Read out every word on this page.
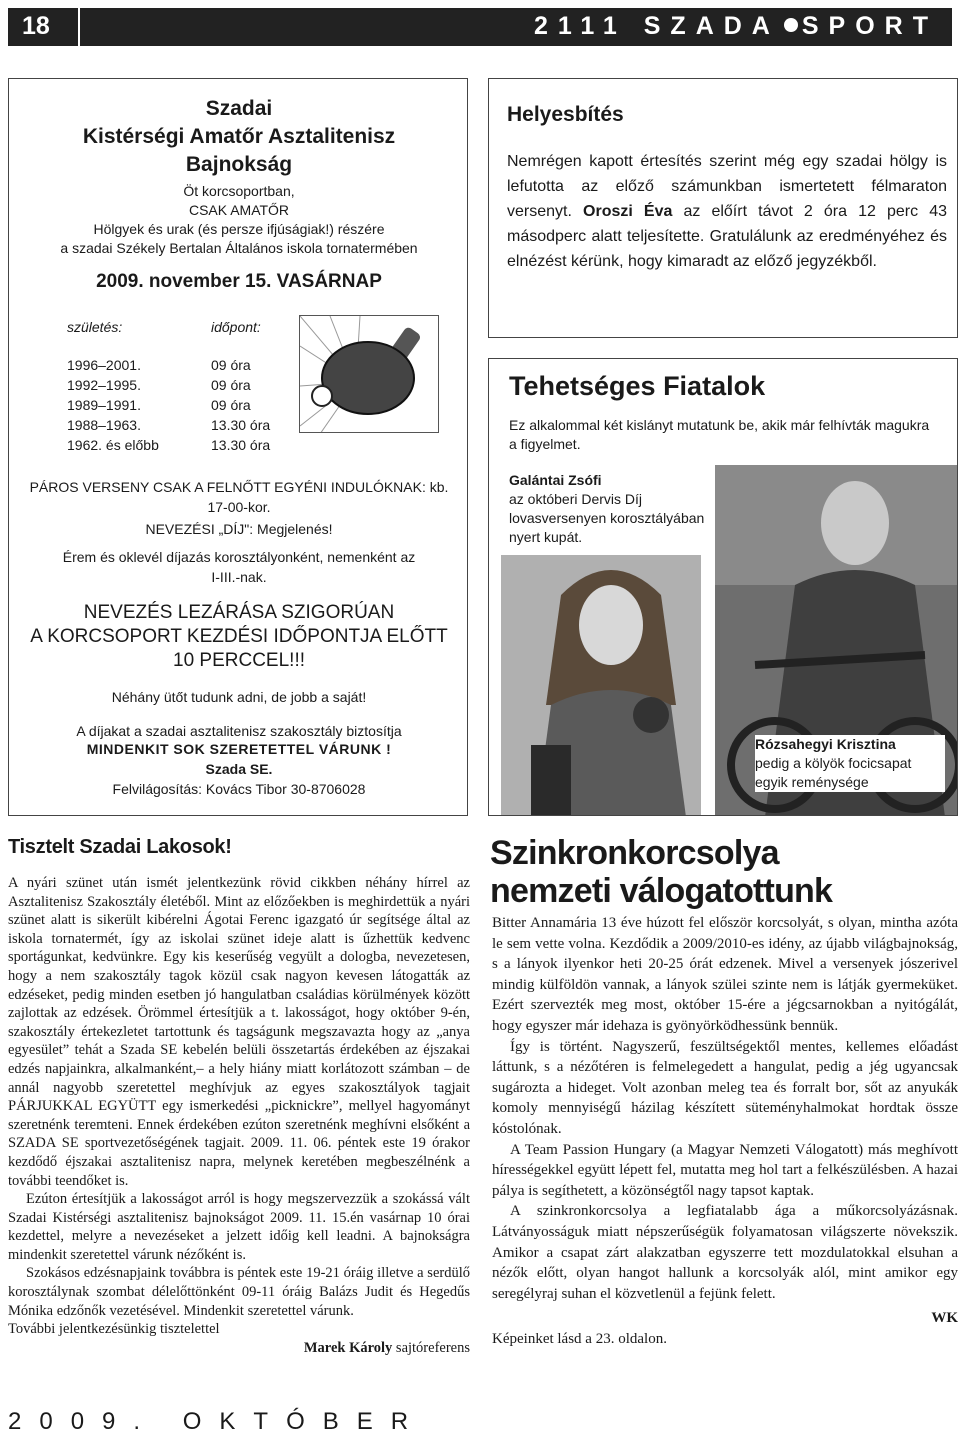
18	2111 SZADA SPORT
Szadai
Kistérségi Amatőr Asztalitenisz
Bajnokság
Öt korcsoportban,
CSAK AMATŐR
Hölgyek és urak (és persze ifjúságiak!) részére
a szadai Székely Bertalan Általános iskola tornatermében
2009. november 15. VASÁRNAP
születés:	időpont:
1996–2001.	09 óra
1992–1995.	09 óra
1989–1991.	09 óra
1988–1963.	13.30 óra
1962. és előbb	13.30 óra
PÁROS VERSENY CSAK A FELNŐTT EGYÉNI INDULÓKNAK: kb.
17-00-kor.
NEVEZÉSI „DÍJ": Megjelenés!
Érem és oklevél díjazás korosztályonként, nemenként az
I-III.-nak.
NEVEZÉS LEZÁRÁSA SZIGORÚAN
A KORCSOPORT KEZDÉSI IDŐPONTJA ELŐTT
10 PERCCEL!!!
Néhány ütőt tudunk adni, de jobb a saját!
A díjakat a szadai asztalitenisz szakosztály biztosítja
MINDENKIT SOK SZERETETTEL VÁRUNK !
Szada SE.
Felvilágosítás: Kovács Tibor 30-8706028
Helyesbítés
Nemrégen kapott értesítés szerint még egy szadai hölgy is lefutotta az előző számunkban ismertetett félmaraton versenyt. Oroszi Éva az előírt távot 2 óra 12 perc 43 másodperc alatt teljesítette. Gratulálunk az eredményéhez és elnézést kérünk, hogy kimaradt az előző jegyzékből.
Tehetséges Fiatalok
Ez alkalommal két kislányt mutatunk be, akik már felhívták magukra a figyelmet.
Galántai Zsófi
az októberi Dervis Díj lovasversenyen korosztályában nyert kupát.
Rózsahegyi Krisztina
pedig a kölyök focicsapat egyik reménysége
Tisztelt Szadai Lakosok!

A nyári szünet után ismét jelentkezünk rövid cikkben néhány hírrel az Asztalitenisz Szakosztály életéből. Mint az előzőekben is meghirdettük a nyári szünet alatt is sikerült kibérelni Ágotai Ferenc igazgató úr segítsége által az iskola tornatermét, így az iskolai szünet ideje alatt is űzhettük kedvenc sportágunkat, kedvünkre. Egy kis keserűség vegyült a dologba, nevezetesen, hogy a nem szakosztály tagok közül csak nagyon kevesen látogatták az edzéseket, pedig minden esetben jó hangulatban családias körülmények között zajlottak az edzések. Örömmel értesítjük a t. lakosságot, hogy október 9-én, szakosztály értekezletet tartottunk és tagságunk megszavazta hogy az „anya egyesület” tehát a Szada SE kebelén belüli összetartás érdekében az éjszakai edzés napjainkra, alkalmanként,– a hely hiány miatt korlátozott számban – de annál nagyobb szeretettel meghívjuk az egyes szakosztályok tagjait PÁRJUKKAL EGYÜTT egy ismerkedési „picknickre”, mellyel hagyományt szeretnénk teremteni. Ennek érdekében ezúton szeretnénk meghívni elsőként a SZADA SE sportvezetőségének tagjait. 2009. 11. 06. péntek este 19 órakor kezdődő éjszakai asztalitenisz napra, melynek keretében megbeszélnénk a további teendőket is.

Ezúton értesítjük a lakosságot arról is hogy megszervezzük a szokássá vált Szadai Kistérségi asztalitenisz bajnokságot 2009. 11. 15.én vasárnap 10 órai kezdettel, melyre a nevezéseket a jelzett időig kell leadni. A bajnokságra mindenkit szeretettel várunk nézőként is.

Szokásos edzésnapjaink továbbra is péntek este 19-21 óráig illetve a serdülő korosztálynak szombat délelőttönként 09-11 óráig Balázs Judit és Hegedűs Mónika edzőnők vezetésével. Mindenkit szeretettel várunk.

További jelentkezésünkig tisztelettel

Marek Károly sajtóreferens

Szinkronkorcsolya
nemzeti válogatottunk

Bitter Annamária 13 éve húzott fel először korcsolyát, s olyan, mintha azóta le sem vette volna. Kezdődik a 2009/2010-es idény, az újabb világbajnokság, s a lányok ilyenkor heti 20-25 órát edzenek. Mivel a versenyek jószerivel mindig külföldön vannak, a lányok szülei szinte nem is látják gyermeküket. Ezért szervezték meg most, október 15-ére a jégcsarnokban a nyitógálát, hogy egyszer már idehaza is gyönyörködhessünk bennük.

Így is történt. Nagyszerű, feszültségektől mentes, kellemes előadást láttunk, s a nézőtéren is felmelegedett a hangulat, pedig a jég ugyancsak sugározta a hideget. Volt azonban meleg tea és forralt bor, sőt az anyukák komoly mennyiségű házilag készített süteményhalmokat hordtak össze kóstolónak.

A Team Passion Hungary (a Magyar Nemzeti Válogatott) más meghívott hírességekkel együtt lépett fel, mutatta meg hol tart a felkészülésben. A hazai pálya is segíthetett, a közönségtől nagy tapsot kaptak.

A szinkronkorcsolya a legfiatalabb ága a műkorcsolyázásnak. Látványosságuk miatt népszerűségük folyamatosan világszerte növekszik. Amikor a csapat zárt alakzatban egyszerre tett mozdulatokkal elsuhan a nézők előtt, olyan hangot hallunk a korcsolyák alól, mint amikor egy seregélyraj suhan el közvetlenül a fejünk felett.

WK

Képeinket lásd a 23. oldalon.

2009. OKTÓBER
